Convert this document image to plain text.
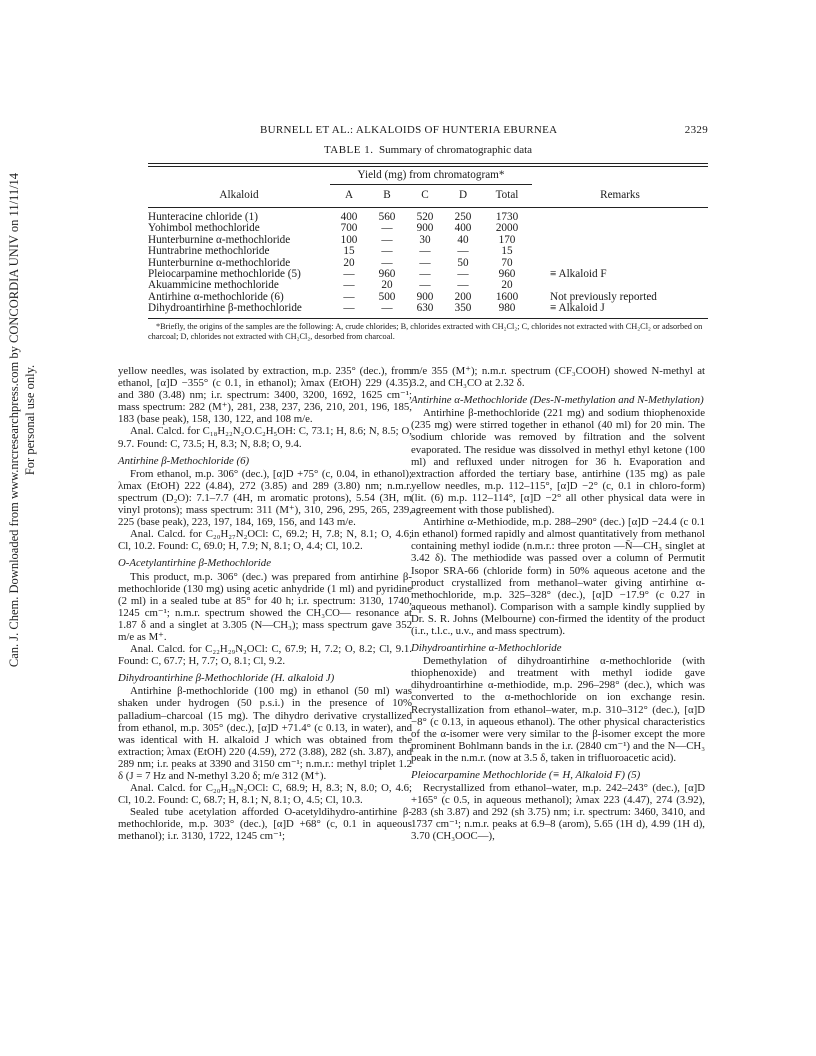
Can. J. Chem. Downloaded from www.nrcresearchpress.com by CONCORDIA UNIV on 11/11/14 For personal use only.
BURNELL ET AL.: ALKALOIDS OF HUNTERIA EBURNEA	2329
TABLE 1. Summary of chromatographic data
	Yield (mg) from chromatogram*					

Alkaloid	A	B	C	D	Total	Remarks

Hunteracine chloride (1)	400	560	520	250	1730	
Yohimbol methochloride	700	—	900	400	2000	
Hunterburnine α-methochloride	100	—	30	40	170	
Huntrabrine methochloride	15	—	—	—	15	
Hunterburnine α-methochloride	20	—	—	50	70	
Pleiocarpamine methochloride (5)	—	960	—	—	960	≡ Alkaloid F
Akuammicine methochloride	—	20	—	—	20	
Antirhine α-methochloride (6)	—	500	900	200	1600	Not previously reported
Dihydroantirhine β-methochloride	—	—	630	350	980	≡ Alkaloid J

*Briefly, the origins of the samples are the following: A, crude chlorides; B, chlorides extracted with CH₂Cl₂; C, chlorides not extracted with CH₂Cl₂ or adsorbed on charcoal; D, chlorides not extracted with CH₂Cl₂, desorbed from charcoal.

yellow needles, was isolated by extraction, m.p. 235° (dec.), from ethanol, [α]D −355° (c 0.1, in ethanol); λmax (EtOH) 229 (4.35) and 380 (3.48) nm; i.r. spectrum: 3400, 3200, 1692, 1625 cm⁻¹; mass spectrum: 282 (M⁺), 281, 238, 237, 236, 210, 201, 196, 185, 183 (base peak), 158, 130, 122, and 108 m/e.

Anal. Calcd. for C₁₈H₂₂N₂O.C₂H₅OH: C, 73.1; H, 8.6; N, 8.5; O, 9.7. Found: C, 73.5; H, 8.3; N, 8.8; O, 9.4.

Antirhine β-Methochloride (6)

From ethanol, m.p. 306° (dec.), [α]D +75° (c, 0.04, in ethanol); λmax (EtOH) 222 (4.84), 272 (3.85) and 289 (3.80) nm; n.m.r. spectrum (D₂O): 7.1–7.7 (4H, m aromatic protons), 5.54 (3H, m vinyl protons); mass spectrum: 311 (M⁺), 310, 296, 295, 265, 239, 225 (base peak), 223, 197, 184, 169, 156, and 143 m/e.

Anal. Calcd. for C₂₀H₂₇N₂OCl: C, 69.2; H, 7.8; N, 8.1; O, 4.6; Cl, 10.2. Found: C, 69.0; H, 7.9; N, 8.1; O, 4.4; Cl, 10.2.

O-Acetylantirhine β-Methochloride

This product, m.p. 306° (dec.) was prepared from antirhine β-methochloride (130 mg) using acetic anhydride (1 ml) and pyridine (2 ml) in a sealed tube at 85° for 40 h; i.r. spectrum: 3130, 1740, 1245 cm⁻¹; n.m.r. spectrum showed the CH₃CO— resonance at 1.87 δ and a singlet at 3.305 (N—CH₃); mass spectrum gave 352 m/e as M⁺.

Anal. Calcd. for C₂₂H₂₉N₂OCl: C, 67.9; H, 7.2; O, 8.2; Cl, 9.1. Found: C, 67.7; H, 7.7; O, 8.1; Cl, 9.2.

Dihydroantirhine β-Methochloride (H. alkaloid J)

Antirhine β-methochloride (100 mg) in ethanol (50 ml) was shaken under hydrogen (50 p.s.i.) in the presence of 10% palladium–charcoal (15 mg). The dihydro derivative crystallized from ethanol, m.p. 305° (dec.), [α]D +71.4° (c 0.13, in water), and was identical with H. alkaloid J which was obtained from the extraction; λmax (EtOH) 220 (4.59), 272 (3.88), 282 (sh. 3.87), and 289 nm; i.r. peaks at 3390 and 3150 cm⁻¹; n.m.r.: methyl triplet 1.2 δ (J = 7 Hz and N-methyl 3.20 δ; m/e 312 (M⁺).

Anal. Calcd. for C₂₀H₂₉N₂OCl: C, 68.9; H, 8.3; N, 8.0; O, 4.6; Cl, 10.2. Found: C, 68.7; H, 8.1; N, 8.1; O, 4.5; Cl, 10.3.

Sealed tube acetylation afforded O-acetyldihydro-antirhine β-methochloride, m.p. 303° (dec.), [α]D +68° (c, 0.1 in aqueous methanol); i.r. 3130, 1722, 1245 cm⁻¹;

m/e 355 (M⁺); n.m.r. spectrum (CF₃COOH) showed N-methyl at 3.2, and CH₃CO at 2.32 δ.

Antirhine α-Methochloride (Des-N-methylation and N-Methylation)

Antirhine β-methochloride (221 mg) and sodium thiophenoxide (235 mg) were stirred together in ethanol (40 ml) for 20 min. The sodium chloride was removed by filtration and the solvent evaporated. The residue was dissolved in methyl ethyl ketone (100 ml) and refluxed under nitrogen for 36 h. Evaporation and extraction afforded the tertiary base, antirhine (135 mg) as pale yellow needles, m.p. 112–115°, [α]D −2° (c, 0.1 in chloro-form) (lit. (6) m.p. 112–114°, [α]D −2° all other physical data were in agreement with those published).

Antirhine α-Methiodide, m.p. 288–290° (dec.) [α]D −24.4 (c 0.1 in ethanol) formed rapidly and almost quantitatively from methanol containing methyl iodide (n.m.r.: three proton —N̄—CH₃ singlet at 3.42 δ). The methiodide was passed over a column of Permutit Isopor SRA-66 (chloride form) in 50% aqueous acetone and the product crystallized from methanol–water giving antirhine α-methochloride, m.p. 325–328° (dec.), [α]D −17.9° (c 0.27 in aqueous methanol). Comparison with a sample kindly supplied by Dr. S. R. Johns (Melbourne) con-firmed the identity of the product (i.r., t.l.c., u.v., and mass spectrum).

Dihydroantirhine α-Methochloride

Demethylation of dihydroantirhine α-methochloride (with thiophenoxide) and treatment with methyl iodide gave dihydroantirhine α-methiodide, m.p. 296–298° (dec.), which was converted to the α-methochloride on ion exchange resin. Recrystallization from ethanol–water, m.p. 310–312° (dec.), [α]D −8° (c 0.13, in aqueous ethanol). The other physical characteristics of the α-isomer were very similar to the β-isomer except the more prominent Bohlmann bands in the i.r. (2840 cm⁻¹) and the N—CH₃ peak in the n.m.r. (now at 3.5 δ, taken in trifluoroacetic acid).

Pleiocarpamine Methochloride (≡ H, Alkaloid F) (5)

Recrystallized from ethanol–water, m.p. 242–243° (dec.), [α]D +165° (c 0.5, in aqueous methanol); λmax 223 (4.47), 274 (3.92), 283 (sh 3.87) and 292 (sh 3.75) nm; i.r. spectrum: 3460, 3410, and 1737 cm⁻¹; n.m.r. peaks at 6.9–8 (arom), 5.65 (1H d), 4.99 (1H d), 3.70 (CH₃OOC—),
